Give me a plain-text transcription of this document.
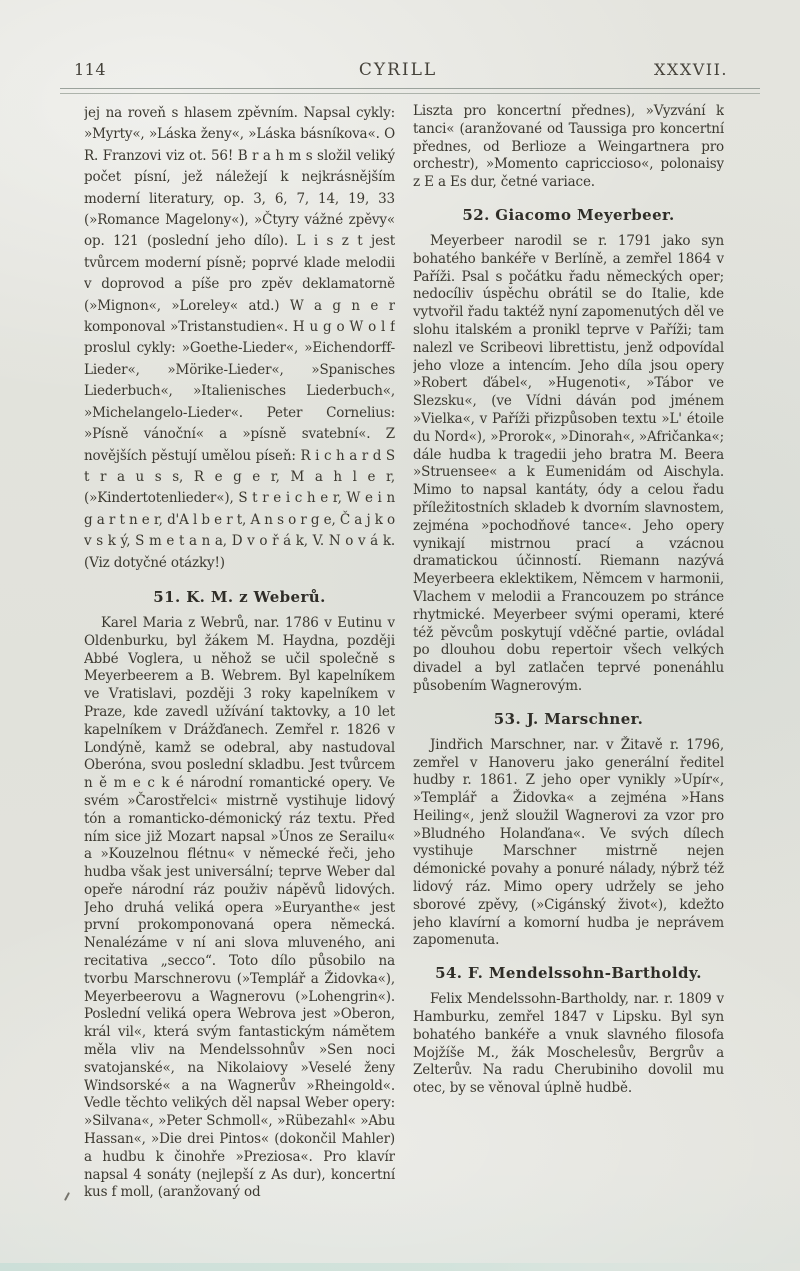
114	CYRILL	XXXVII.

jej na roveň s hlasem zpěvním. Napsal cykly: »Myrty«, »Láska ženy«, »Láska básníkova«. O R. Franzovi viz ot. 56! B r a h m s složil veliký počet písní, jež náležejí k nejkrásnějším moderní literatury, op. 3, 6, 7, 14, 19, 33 (»Romance Magelony«), »Čtyry vážné zpěvy« op. 121 (poslední jeho dílo). L i s z t jest tvůrcem moderní písně; poprvé klade melodii v doprovod a píše pro zpěv deklamatorně (»Mignon«, »Loreley« atd.) W a g n e r komponoval »Tristanstudien«. H u g o W o l f proslul cykly: »Goethe-Lieder«, »Eichendorff-Lieder«, »Mörike-Lieder«, »Spanisches Liederbuch«, »Italienisches Liederbuch«, »Michelangelo-Lieder«. Peter Cornelius: »Písně vánoční« a »písně svatební«. Z novějších pěstují umělou píseň: R i c h a r d S t r a u s s, R e g e r, M a h l e r, (»Kindertotenlieder«), S t r e i c h e r, W e i n g a r t n e r, d'A l b e r t, A n s o r g e, Č a j k o v s k ý, S m e t a n a, D v o ř á k, V. N o v á k. (Viz dotyčné otázky!)

51. K. M. z Weberů.

Karel Maria z Webrů, nar. 1786 v Eutinu v Oldenburku, byl žákem M. Haydna, později Abbé Voglera, u něhož se učil společně s Meyerbeerem a B. Webrem. Byl kapelníkem ve Vratislavi, později 3 roky kapelníkem v Praze, kde zavedl užívání taktovky, a 10 let kapelníkem v Drážďanech. Zemřel r. 1826 v Londýně, kamž se odebral, aby nastudoval Oberóna, svou poslední skladbu. Jest tvůrcem n ě m e c k é národní romantické opery. Ve svém »Čarostřelci« mistrně vystihuje lidový tón a romanticko-démonický ráz textu. Před ním sice již Mozart napsal »Únos ze Serailu« a »Kouzelnou flétnu« v německé řeči, jeho hudba však jest universální; teprve Weber dal opeře národní ráz použiv nápěvů lidových. Jeho druhá veliká opera »Euryanthe« jest první prokomponovaná opera německá. Nenalézáme v ní ani slova mluveného, ani recitativa „secco“. Toto dílo působilo na tvorbu Marschnerovu (»Templář a Židovka«), Meyerbeerovu a Wagnerovu (»Lohengrin«). Poslední veliká opera Webrova jest »Oberon, král vil«, která svým fantastickým námětem měla vliv na Mendelssohnův »Sen noci svatojanské«, na Nikolaiovy »Veselé ženy Windsorské« a na Wagnerův »Rheingold«. Vedle těchto velikých děl napsal Weber opery: »Silvana«, »Peter Schmoll«, »Rübezahl« »Abu Hassan«, »Die drei Pintos« (dokončil Mahler) a hudbu k činohře »Preziosa«. Pro klavír napsal 4 sonáty (nejlepší z As dur), koncertní kus f moll, (aranžovaný od

Liszta pro koncertní přednes), »Vyzvání k tanci« (aranžované od Taussiga pro koncertní přednes, od Berlioze a Weingartnera pro orchestr), »Momento capriccioso«, polonaisy z E a Es dur, četné variace.

52. Giacomo Meyerbeer.

Meyerbeer narodil se r. 1791 jako syn bohatého bankéře v Berlíně, a zemřel 1864 v Paříži. Psal s počátku řadu německých oper; nedocíliv úspěchu obrátil se do Italie, kde vytvořil řadu taktéž nyní zapomenutých děl ve slohu italském a pronikl teprve v Paříži; tam nalezl ve Scribeovi librettistu, jenž odpovídal jeho vloze a intencím. Jeho díla jsou opery »Robert ďábel«, »Hugenoti«, »Tábor ve Slezsku«, (ve Vídni dáván pod jménem »Vielka«, v Paříži přizpůsoben textu »L' étoile du Nord«), »Prorok«, »Dinorah«, »Afričanka«; dále hudba k tragedii jeho bratra M. Beera »Struensee« a k Eumenidám od Aischyla. Mimo to napsal kantáty, ódy a celou řadu příležitostních skladeb k dvorním slavnostem, zejména »pochodňové tance«. Jeho opery vynikají mistrnou prací a vzácnou dramatickou účinností. Riemann nazývá Meyerbeera eklektikem, Němcem v harmonii, Vlachem v melodii a Francouzem po stránce rhytmické. Meyerbeer svými operami, které též pěvcům poskytují vděčné partie, ovládal po dlouhou dobu repertoir všech velkých divadel a byl zatlačen teprvé ponenáhlu působením Wagnerovým.

53. J. Marschner.

Jindřich Marschner, nar. v Žitavě r. 1796, zemřel v Hanoveru jako generální ředitel hudby r. 1861. Z jeho oper vynikly »Upír«, »Templář a Židovka« a zejména »Hans Heiling«, jenž sloužil Wagnerovi za vzor pro »Bludného Holanďana«. Ve svých dílech vystihuje Marschner mistrně nejen démonické povahy a ponuré nálady, nýbrž též lidový ráz. Mimo opery udržely se jeho sborové zpěvy, (»Cigánský život«), kdežto jeho klavírní a komorní hudba je neprávem zapomenuta.

54. F. Mendelssohn-Bartholdy.

Felix Mendelssohn-Bartholdy, nar. r. 1809 v Hamburku, zemřel 1847 v Lipsku. Byl syn bohatého bankéře a vnuk slavného filosofa Mojžíše M., žák Moschelesův, Bergrův a Zelterův. Na radu Cherubiniho dovolil mu otec, by se věnoval úplně hudbě.
